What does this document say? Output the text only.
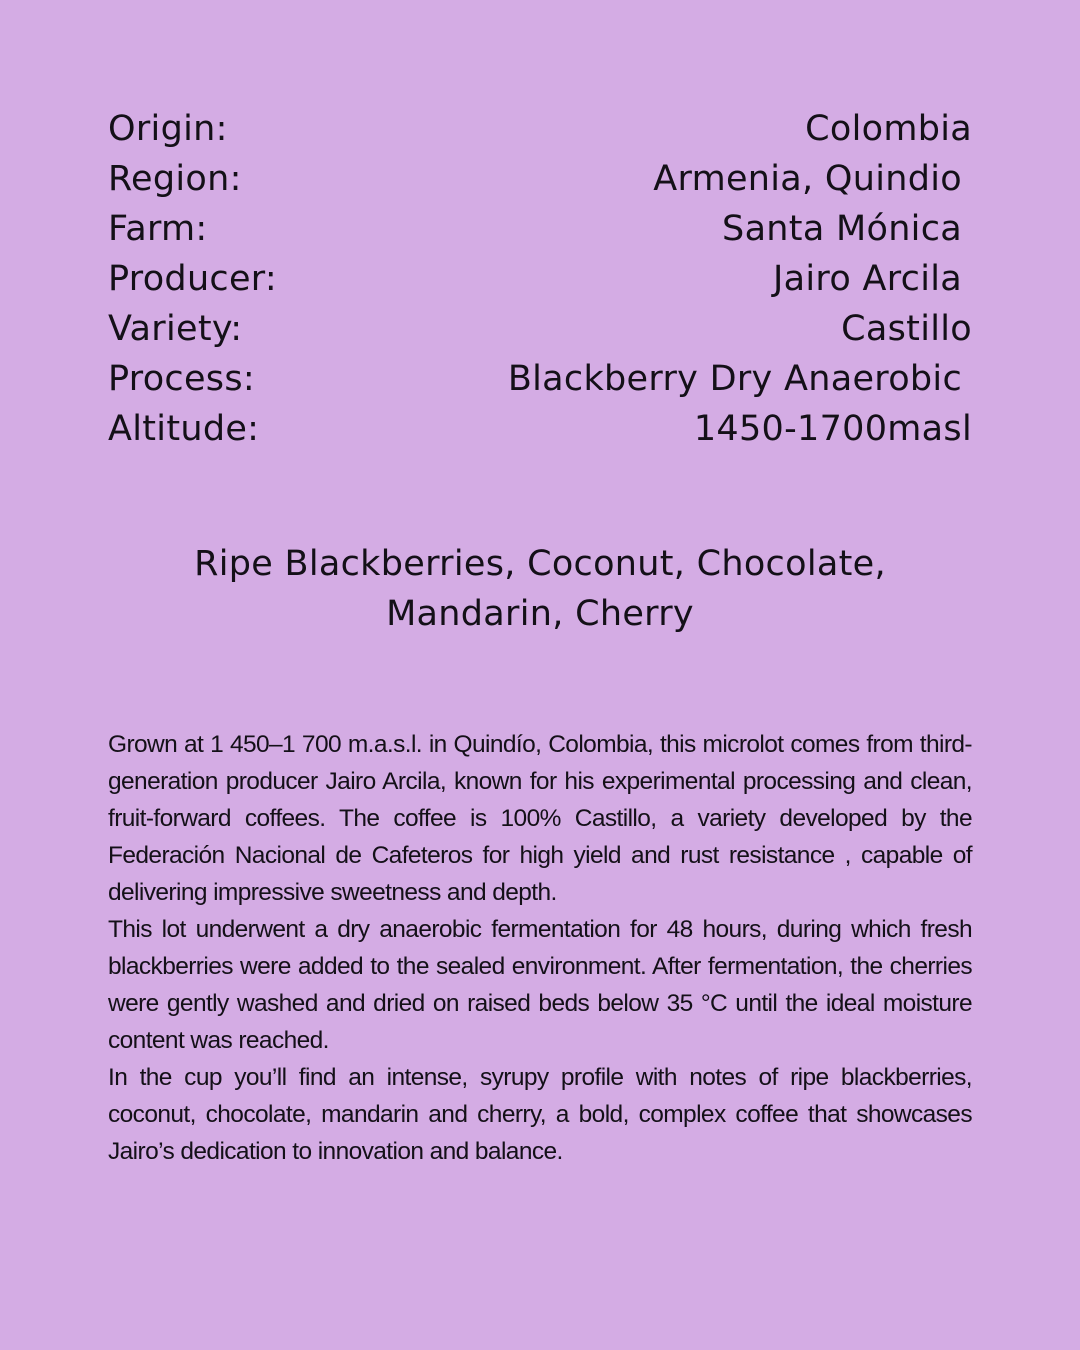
Origin:	Colombia
Region:	Armenia, Quindio
Farm:	Santa Mónica
Producer:	Jairo Arcila
Variety:	Castillo
Process:	Blackberry Dry Anaerobic
Altitude:	1450-1700masl
Ripe Blackberries, Coconut, Chocolate,
Mandarin, Cherry

Grown at 1 450–1 700 m.a.s.l. in Quindío, Colombia, this microlot comes from third-generation producer Jairo Arcila, known for his experimental processing and clean, fruit-forward coffees. The coffee is 100% Castillo, a variety developed by the Federación Nacional de Cafeteros for high yield and rust resistance , capable of delivering impressive sweetness and depth.

This lot underwent a dry anaerobic fermentation for 48 hours, during which fresh blackberries were added to the sealed environment. After fermentation, the cherries were gently washed and dried on raised beds below 35 °C until the ideal moisture content was reached.

In the cup you’ll find an intense, syrupy profile with notes of ripe blackberries, coconut, chocolate, mandarin and cherry, a bold, complex coffee that showcases Jairo’s dedication to innovation and balance.
